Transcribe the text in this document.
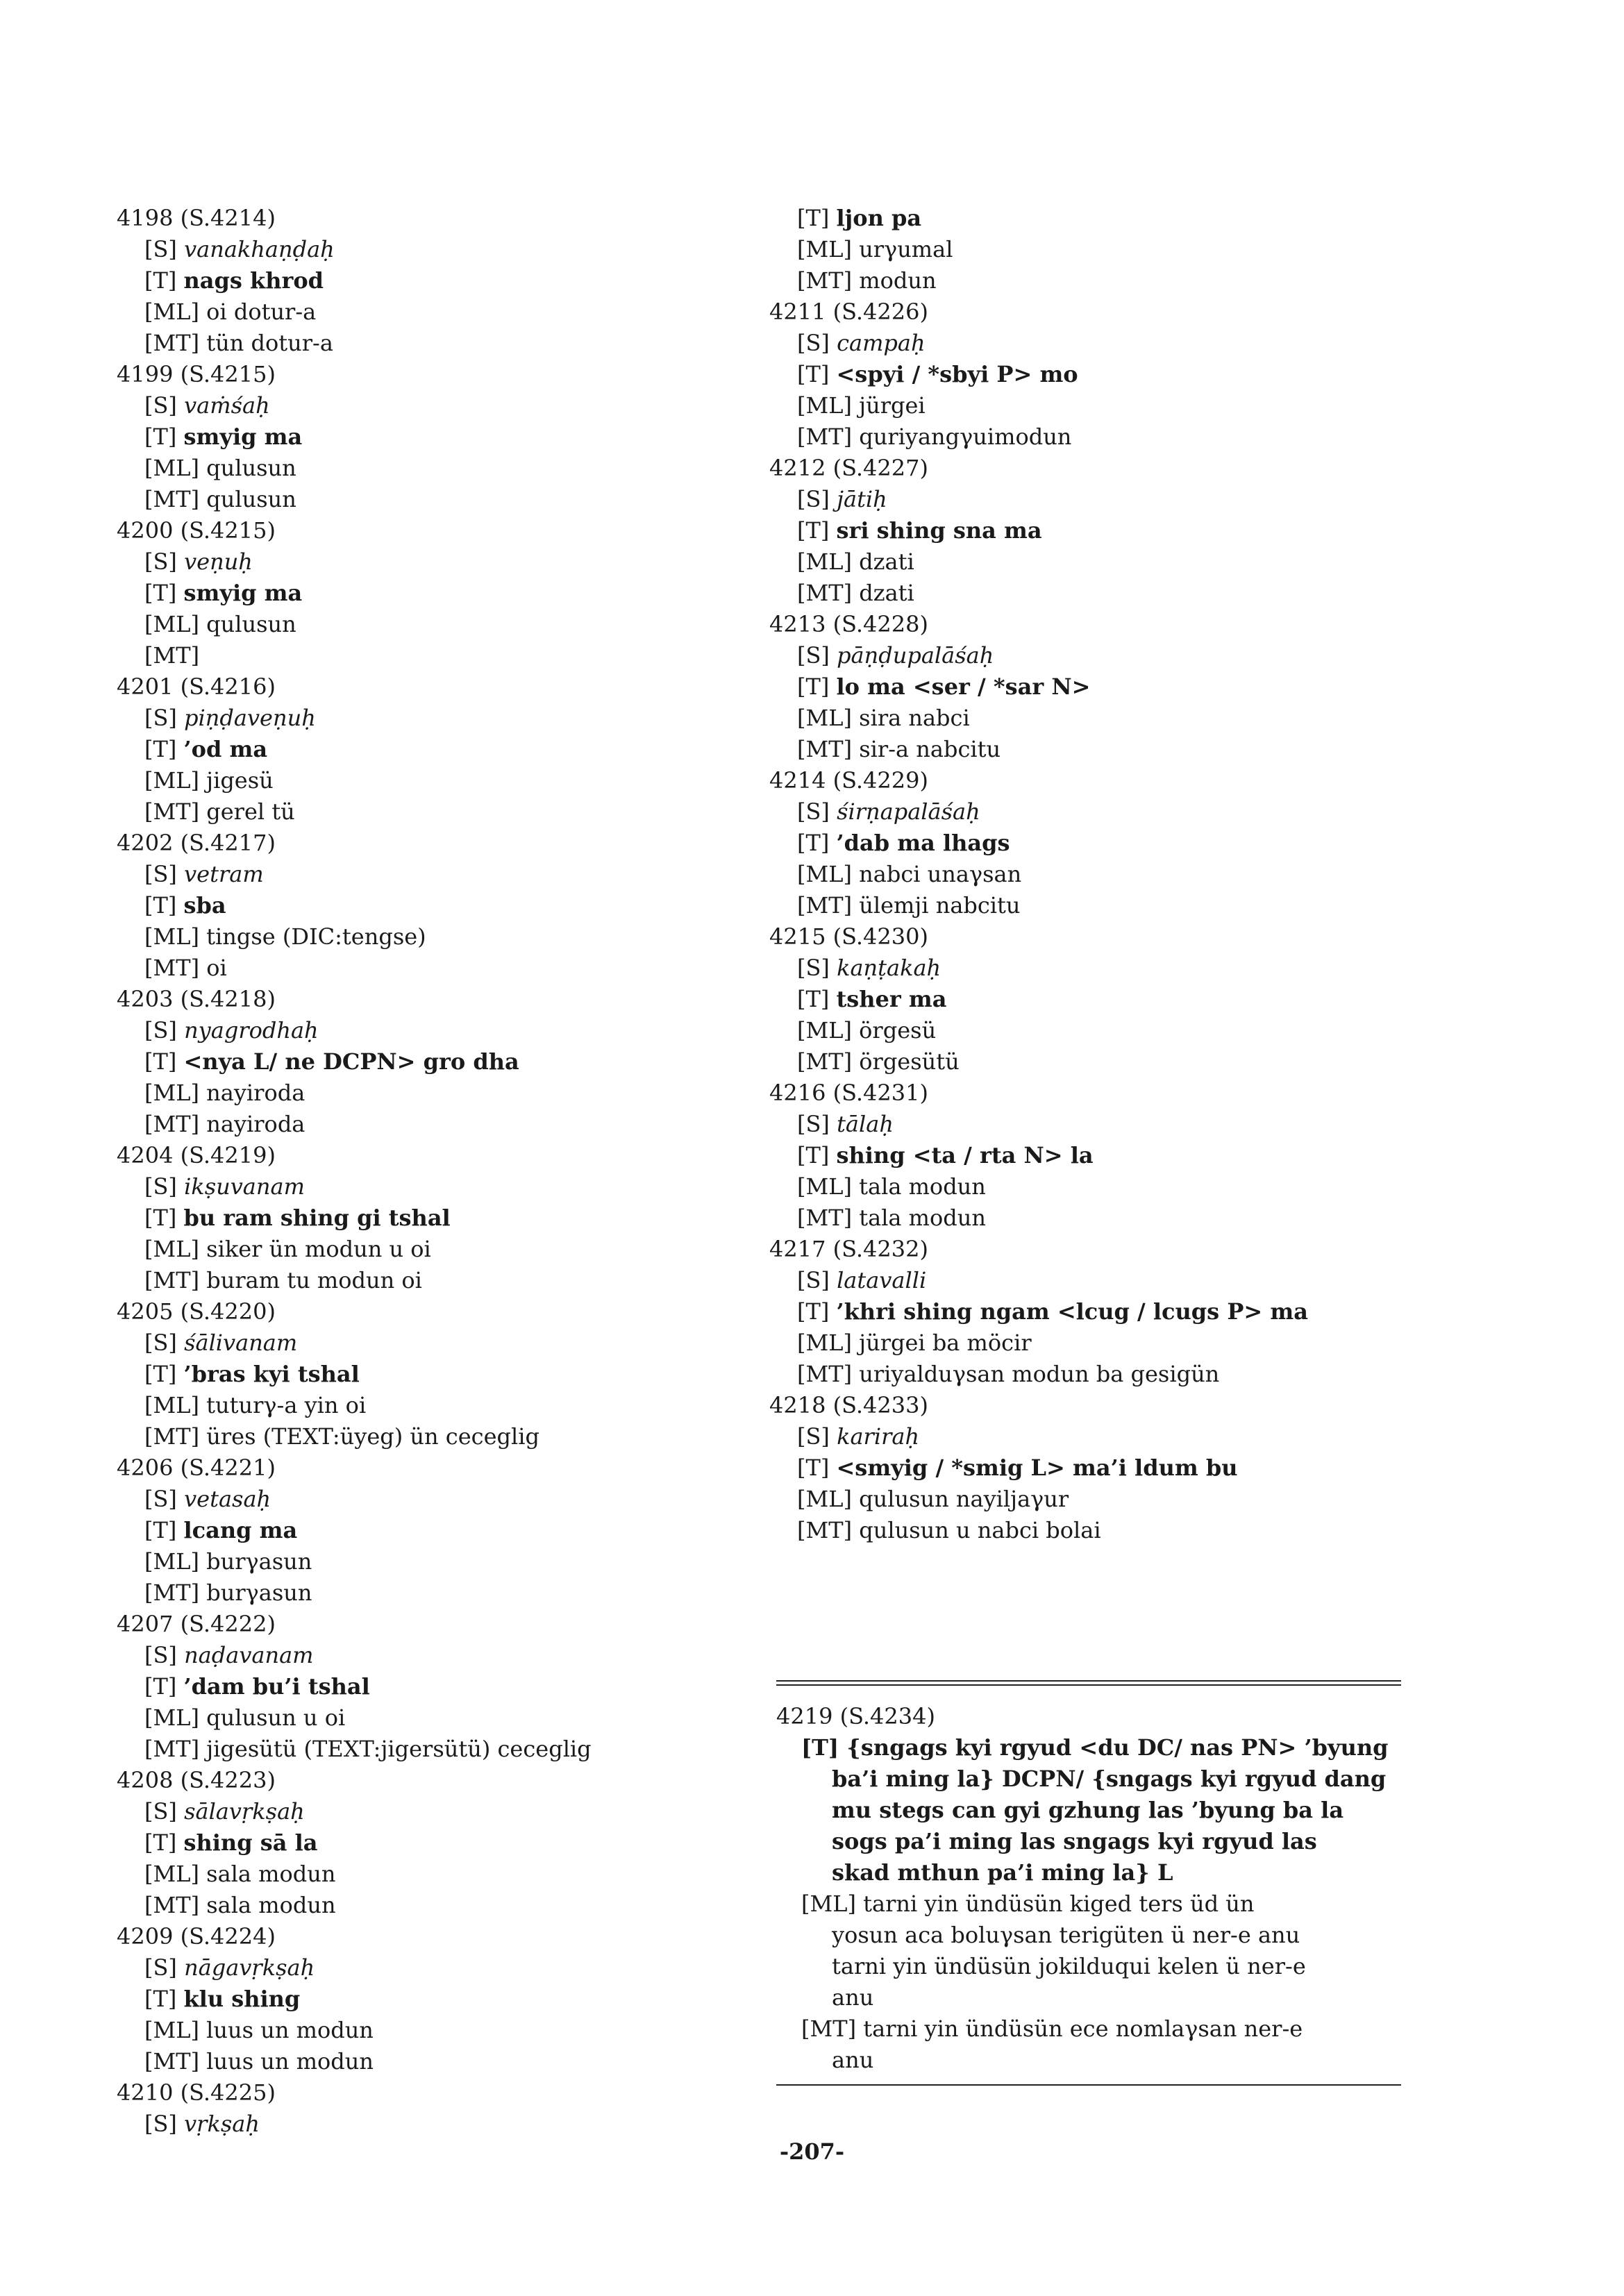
4198 (S.4214)
[S] vanakhaṇḍaḥ
[T] nags khrod
[ML] oi dotur-a
[MT] tün dotur-a
4199 (S.4215)
[S] vaṁśaḥ
[T] smyig ma
[ML] qulusun
[MT] qulusun
4200 (S.4215)
[S] veṇuḥ
[T] smyig ma
[ML] qulusun
[MT]
4201 (S.4216)
[S] piṇḍaveṇuḥ
[T] ’od ma
[ML] jigesü
[MT] gerel tü
4202 (S.4217)
[S] vetram
[T] sba
[ML] tingse (DIC:tengse)
[MT] oi
4203 (S.4218)
[S] nyagrodhaḥ
[T] <nya L/ ne DCPN> gro dha
[ML] nayiroda
[MT] nayiroda
4204 (S.4219)
[S] ikṣuvanam
[T] bu ram shing gi tshal
[ML] siker ün modun u oi
[MT] buram tu modun oi
4205 (S.4220)
[S] śālivanam
[T] ’bras kyi tshal
[ML] tuturγ-a yin oi
[MT] üres (TEXT:üyeg) ün ceceglig
4206 (S.4221)
[S] vetasaḥ
[T] lcang ma
[ML] burγasun
[MT] burγasun
4207 (S.4222)
[S] naḍavanam
[T] ’dam bu’i tshal
[ML] qulusun u oi
[MT] jigesütü (TEXT:jigersütü) ceceglig
4208 (S.4223)
[S] sālavṛkṣaḥ
[T] shing sā la
[ML] sala modun
[MT] sala modun
4209 (S.4224)
[S] nāgavṛkṣaḥ
[T] klu shing
[ML] luus un modun
[MT] luus un modun
4210 (S.4225)
[S] vṛkṣaḥ
[T] ljon pa
[ML] urγumal
[MT] modun
4211 (S.4226)
[S] campaḥ
[T] <spyi / *sbyi P> mo
[ML] jürgei
[MT] quriyangγuimodun
4212 (S.4227)
[S] jātiḥ
[T] sri shing sna ma
[ML] dzati
[MT] dzati
4213 (S.4228)
[S] pāṇḍupalāśaḥ
[T] lo ma <ser / *sar N>
[ML] sira nabci
[MT] sir-a nabcitu
4214 (S.4229)
[S] śirṇapalāśaḥ
[T] ’dab ma lhags
[ML] nabci unaγsan
[MT] ülemji nabcitu
4215 (S.4230)
[S] kaṇṭakaḥ
[T] tsher ma
[ML] örgesü
[MT] örgesütü
4216 (S.4231)
[S] tālaḥ
[T] shing <ta / rta N> la
[ML] tala modun
[MT] tala modun
4217 (S.4232)
[S] latavalli
[T] ’khri shing ngam <lcug / lcugs P> ma
[ML] jürgei ba möcir
[MT] uriyalduγsan modun ba gesigün
4218 (S.4233)
[S] kariraḥ
[T] <smyig / *smig L> ma’i ldum bu
[ML] qulusun nayiljaγur
[MT] qulusun u nabci bolai
4219 (S.4234)
[T] {sngags kyi rgyud <du DC/ nas PN> ’byung
ba’i ming la} DCPN/ {sngags kyi rgyud dang
mu stegs can gyi gzhung las ’byung ba la
sogs pa’i ming las sngags kyi rgyud las
skad mthun pa’i ming la} L
[ML] tarni yin ündüsün kiged ters üd ün
yosun aca boluγsan terigüten ü ner-e anu
tarni yin ündüsün jokilduqui kelen ü ner-e
anu
[MT] tarni yin ündüsün ece nomlaγsan ner-e
anu
-207-
